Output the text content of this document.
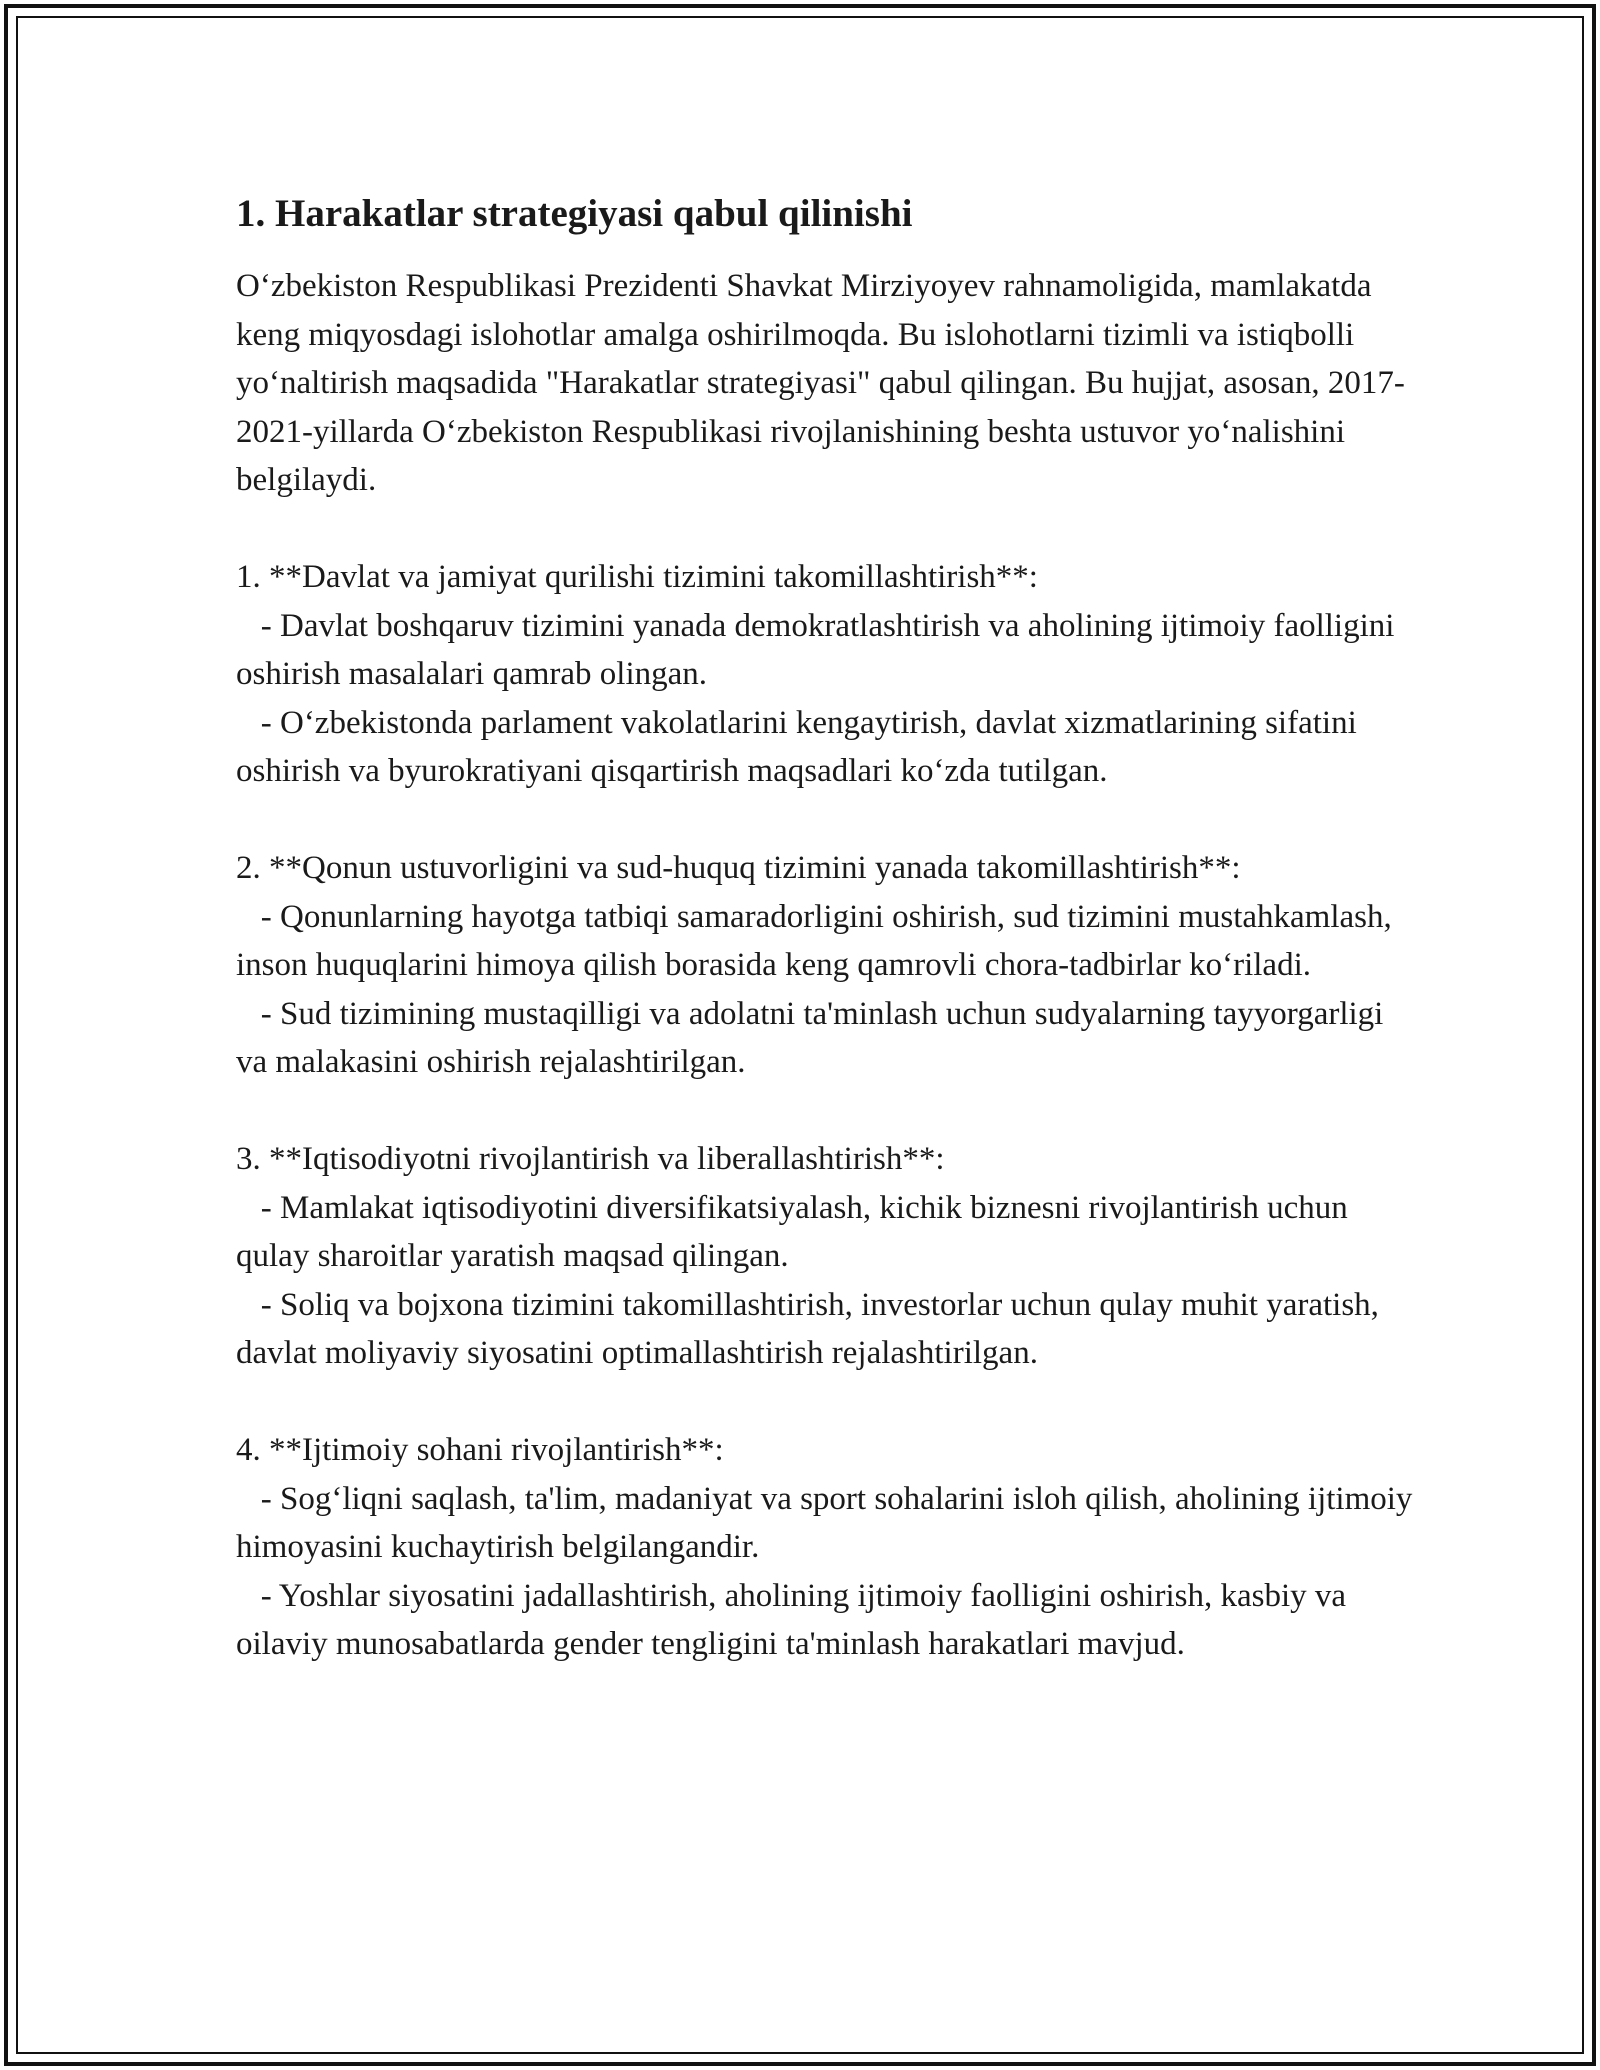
1. Harakatlar strategiyasi qabul qilinishi
O‘zbekiston Respublikasi Prezidenti Shavkat Mirziyoyev rahnamoligida, mamlakatda keng miqyosdagi islohotlar amalga oshirilmoqda. Bu islohotlarni tizimli va istiqbolli yo‘naltirish maqsadida "Harakatlar strategiyasi" qabul qilingan. Bu hujjat, asosan, 2017-2021-yillarda O‘zbekiston Respublikasi rivojlanishining beshta ustuvor yo‘nalishini belgilaydi.

1. **Davlat va jamiyat qurilishi tizimini takomillashtirish**:
- Davlat boshqaruv tizimini yanada demokratlashtirish va aholining ijtimoiy faolligini oshirish masalalari qamrab olingan.
- O‘zbekistonda parlament vakolatlarini kengaytirish, davlat xizmatlarining sifatini oshirish va byurokratiyani qisqartirish maqsadlari ko‘zda tutilgan.

2. **Qonun ustuvorligini va sud-huquq tizimini yanada takomillashtirish**:
- Qonunlarning hayotga tatbiqi samaradorligini oshirish, sud tizimini mustahkamlash, inson huquqlarini himoya qilish borasida keng qamrovli chora-tadbirlar ko‘riladi.
- Sud tizimining mustaqilligi va adolatni ta'minlash uchun sudyalarning tayyorgarligi va malakasini oshirish rejalashtirilgan.

3. **Iqtisodiyotni rivojlantirish va liberallashtirish**:
- Mamlakat iqtisodiyotini diversifikatsiyalash, kichik biznesni rivojlantirish uchun qulay sharoitlar yaratish maqsad qilingan.
- Soliq va bojxona tizimini takomillashtirish, investorlar uchun qulay muhit yaratish, davlat moliyaviy siyosatini optimallashtirish rejalashtirilgan.

4. **Ijtimoiy sohani rivojlantirish**:
- Sog‘liqni saqlash, ta'lim, madaniyat va sport sohalarini isloh qilish, aholining ijtimoiy himoyasini kuchaytirish belgilangandir.
- Yoshlar siyosatini jadallashtirish, aholining ijtimoiy faolligini oshirish, kasbiy va oilaviy munosabatlarda gender tengligini ta'minlash harakatlari mavjud.
